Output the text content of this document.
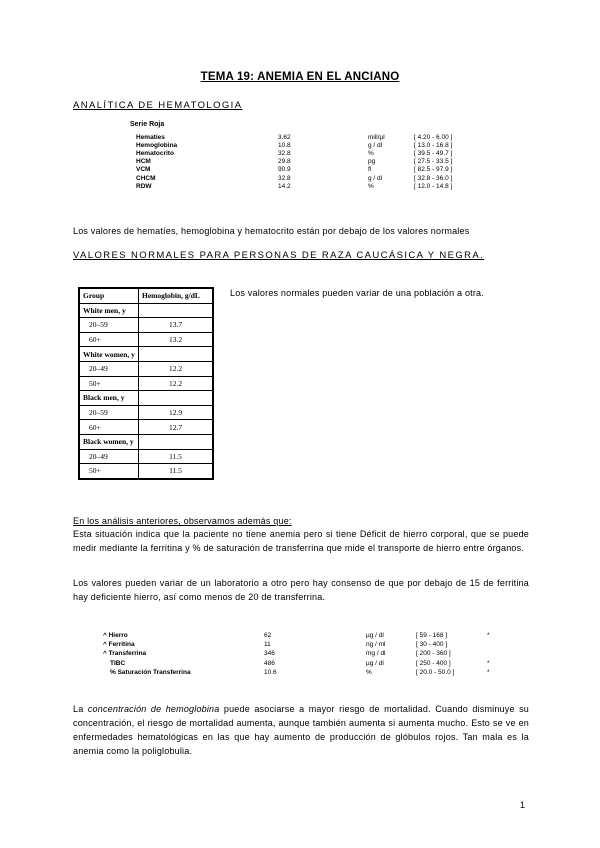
TEMA 19: ANEMIA EN EL ANCIANO
ANALÍTICA DE HEMATOLOGIA
Serie Roja
Hematíes	3.62	mill/µl	[ 4.20 - 6.00 ]
Hemoglobina	10.8	g / dl	[ 13.0 - 16.8 ]
Hematocrito	32.8	%	[ 39.5 - 49.7 ]
HCM	29.8	pg	[ 27.5 - 33.5 ]
VCM	90.9	fl	[ 82.5 - 97.9 ]
CHCM	32.8	g / dl	[ 32.8 - 36.0 ]
RDW	14.2	%	[ 12.0 - 14.8 ]
Los valores de hematíes, hemoglobina y hematocrito están por debajo de los valores normales
VALORES NORMALES PARA PERSONAS DE RAZA CAUCÁSICA Y NEGRA.
Group	Hemoglobin, g/dL
White men, y	
20–59	13.7
60+	13.2
White women, y	
20–49	12.2
50+	12.2
Black men, y	
20–59	12.9
60+	12.7
Black women, y	
20–49	11.5
50+	11.5
Los valores normales pueden variar de una población a otra.
En los análisis anteriores, observamos además que:
Esta situación indica que la paciente no tiene anemia pero si tiene Déficit de hierro corporal, que se puede medir mediante la ferritina y % de saturación de transferrina que mide el transporte de hierro entre órganos.
Los valores pueden variar de un laboratorio a otro pero hay consenso de que por debajo de 15 de ferritina hay deficiente hierro, así como menos de 20 de transferrina.
^ Hierro	62	µg / dl	[ 59 - 168 ]	*
^ Ferritina	11	ng / ml	[ 30 - 400 ]
^ Transferrina	346	mg / dl	[ 200 - 360 ]
TIBC	486	µg / dl	[ 250 - 400 ]	*
% Saturación Transferrina	10.6	%	[ 20.0 - 50.0 ]	*
La concentración de hemoglobina puede asociarse a mayor riesgo de mortalidad. Cuando disminuye su concentración, el riesgo de mortalidad aumenta, aunque también aumenta si aumenta mucho. Esto se ve en enfermedades hematológicas en las que hay aumento de producción de glóbulos rojos. Tan mala es la anemia como la poliglobulia.
1
